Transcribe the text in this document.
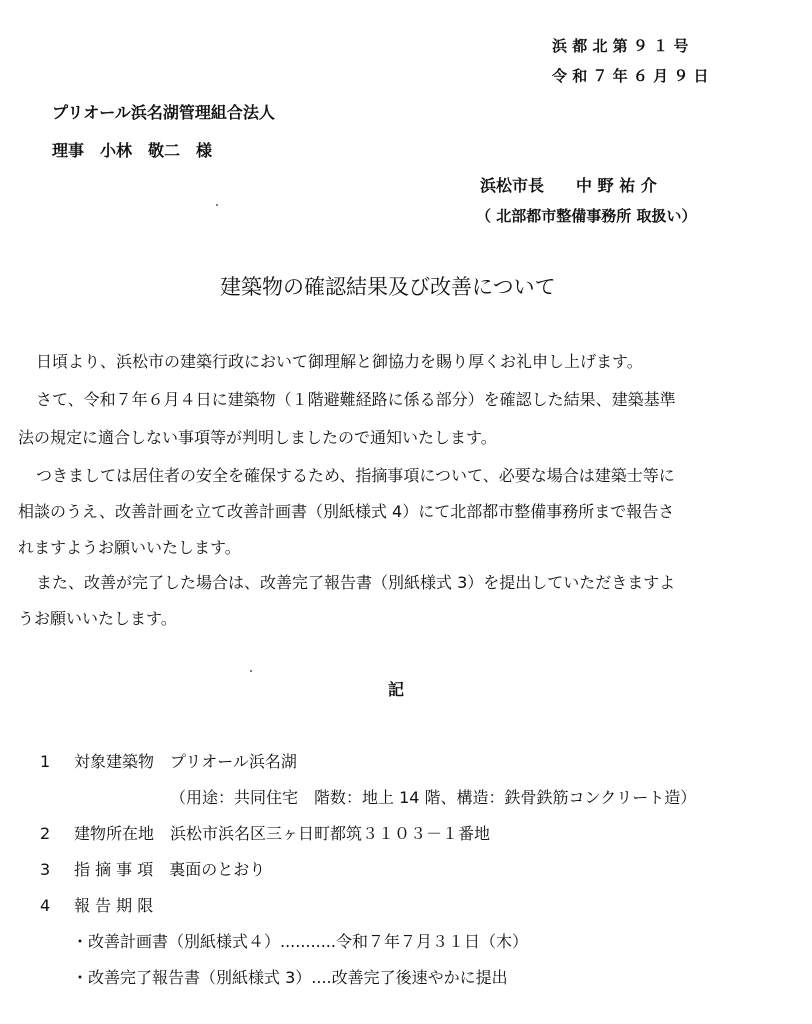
浜 都 北 第 ９ １ 号
令 和 ７ 年 ６ 月 ９ 日
プリオール浜名湖管理組合法人
理事　小林　敬二　様
浜松市長　　中 野 祐 介
（ 北部都市整備事務所 取扱い）
建築物の確認結果及び改善について
日頃より、浜松市の建築行政において御理解と御協力を賜り厚くお礼申し上げます。
さて、令和７年６月４日に建築物（１階避難経路に係る部分）を確認した結果、建築基準
法の規定に適合しない事項等が判明しましたので通知いたします。
つきましては居住者の安全を確保するため、指摘事項について、必要な場合は建築士等に
相談のうえ、改善計画を立て改善計画書（別紙様式 4）にて北部都市整備事務所まで報告さ
れますようお願いいたします。
また、改善が完了した場合は、改善完了報告書（別紙様式 3）を提出していただきますよ
うお願いいたします。
記
1 対象建築物　プリオール浜名湖
（用途：共同住宅　階数：地上 14 階、構造：鉄骨鉄筋コンクリート造）
2 建物所在地　浜松市浜名区三ヶ日町都筑３１０３－１番地
3 指 摘 事 項　裏面のとおり
4 報 告 期 限
・改善計画書（別紙様式４）...........令和７年７月３１日（木）
・改善完了報告書（別紙様式 3）....改善完了後速やかに提出
